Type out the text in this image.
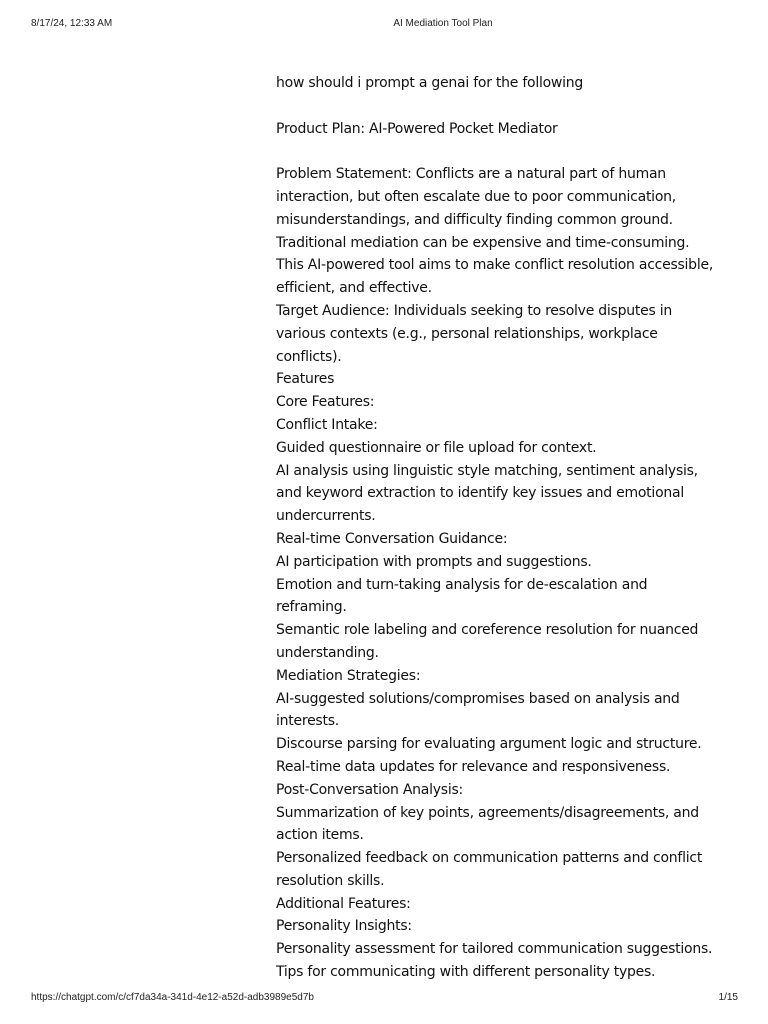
8/17/24, 12:33 AM	AI Mediation Tool Plan

how should i prompt a genai for the following

Product Plan: AI-Powered Pocket Mediator

Problem Statement: Conflicts are a natural part of human interaction, but often escalate due to poor communication, misunderstandings, and difficulty finding common ground. Traditional mediation can be expensive and time-consuming. This AI-powered tool aims to make conflict resolution accessible, efficient, and effective.

Target Audience: Individuals seeking to resolve disputes in various contexts (e.g., personal relationships, workplace conflicts).

Features

Core Features:

Conflict Intake:

Guided questionnaire or file upload for context.

AI analysis using linguistic style matching, sentiment analysis, and keyword extraction to identify key issues and emotional undercurrents.

Real-time Conversation Guidance:

AI participation with prompts and suggestions.

Emotion and turn-taking analysis for de-escalation and reframing.

Semantic role labeling and coreference resolution for nuanced understanding.

Mediation Strategies:

AI-suggested solutions/compromises based on analysis and interests.

Discourse parsing for evaluating argument logic and structure.

Real-time data updates for relevance and responsiveness.

Post-Conversation Analysis:

Summarization of key points, agreements/disagreements, and action items.

Personalized feedback on communication patterns and conflict resolution skills.

Additional Features:

Personality Insights:

Personality assessment for tailored communication suggestions.

Tips for communicating with different personality types.

https://chatgpt.com/c/cf7da34a-341d-4e12-a52d-adb3989e5d7b	1/15
